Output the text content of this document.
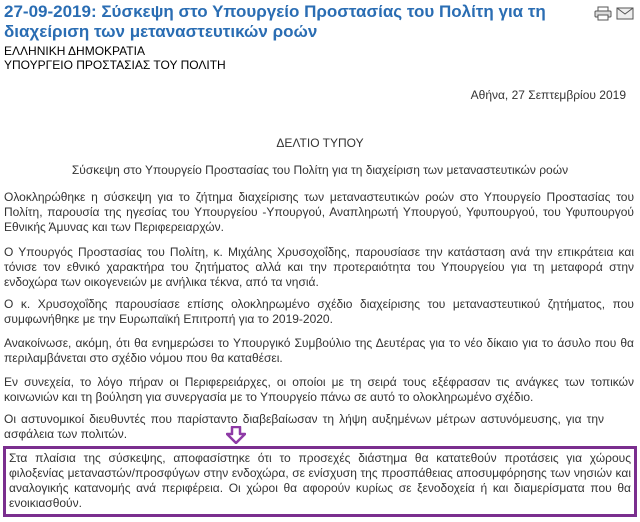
27-09-2019: Σύσκεψη στο Υπουργείο Προστασίας του Πολίτη για τη διαχείριση των μεταναστευτικών ροών
ΕΛΛΗΝΙΚΗ ΔΗΜΟΚΡΑΤΙΑ
ΥΠΟΥΡΓΕΙΟ ΠΡΟΣΤΑΣΙΑΣ ΤΟΥ ΠΟΛΙΤΗ
Αθήνα, 27 Σεπτεμβρίου 2019
ΔΕΛΤΙΟ ΤΥΠΟΥ
Σύσκεψη στο Υπουργείο Προστασίας του Πολίτη για τη διαχείριση των μεταναστευτικών ροών
Ολοκληρώθηκε η σύσκεψη για το ζήτημα διαχείρισης των μεταναστευτικών ροών στο Υπουργείο Προστασίας του Πολίτη, παρουσία της ηγεσίας του Υπουργείου -Υπουργού, Αναπληρωτή Υπουργού, Υφυπουργού, του Υφυπουργού Εθνικής Άμυνας και των Περιφερειαρχών.
Ο Υπουργός Προστασίας του Πολίτη, κ. Μιχάλης Χρυσοχοΐδης, παρουσίασε την κατάσταση ανά την επικράτεια και τόνισε τον εθνικό χαρακτήρα του ζητήματος αλλά και την προτεραιότητα του Υπουργείου για τη μεταφορά στην ενδοχώρα των οικογενειών με ανήλικα τέκνα, από τα νησιά.
Ο κ. Χρυσοχοΐδης παρουσίασε επίσης ολοκληρωμένο σχέδιο διαχείρισης του μεταναστευτικού ζητήματος, που συμφωνήθηκε με την Ευρωπαϊκή Επιτροπή για το 2019-2020.
Ανακοίνωσε, ακόμη, ότι θα ενημερώσει το Υπουργικό Συμβούλιο της Δευτέρας για το νέο δίκαιο για το άσυλο που θα περιλαμβάνεται στο σχέδιο νόμου που θα καταθέσει.
Εν συνεχεία, το λόγο πήραν οι Περιφερειάρχες, οι οποίοι με τη σειρά τους εξέφρασαν τις ανάγκες των τοπικών κοινωνιών και τη βούληση για συνεργασία με το Υπουργείο πάνω σε αυτό το ολοκληρωμένο σχέδιο.
Οι αστυνομικοί διευθυντές που παρίσταντο διαβεβαίωσαν τη λήψη αυξημένων μέτρων αστυνόμευσης, για την ασφάλεια των πολιτών.
Στα πλαίσια της σύσκεψης, αποφασίστηκε ότι το προσεχές διάστημα θα κατατεθούν προτάσεις για χώρους φιλοξενίας μεταναστών/προσφύγων στην ενδοχώρα, σε ενίσχυση της προσπάθειας αποσυμφόρησης των νησιών και αναλογικής κατανομής ανά περιφέρεια. Οι χώροι θα αφορούν κυρίως σε ξενοδοχεία ή και διαμερίσματα που θα ενοικιασθούν.
